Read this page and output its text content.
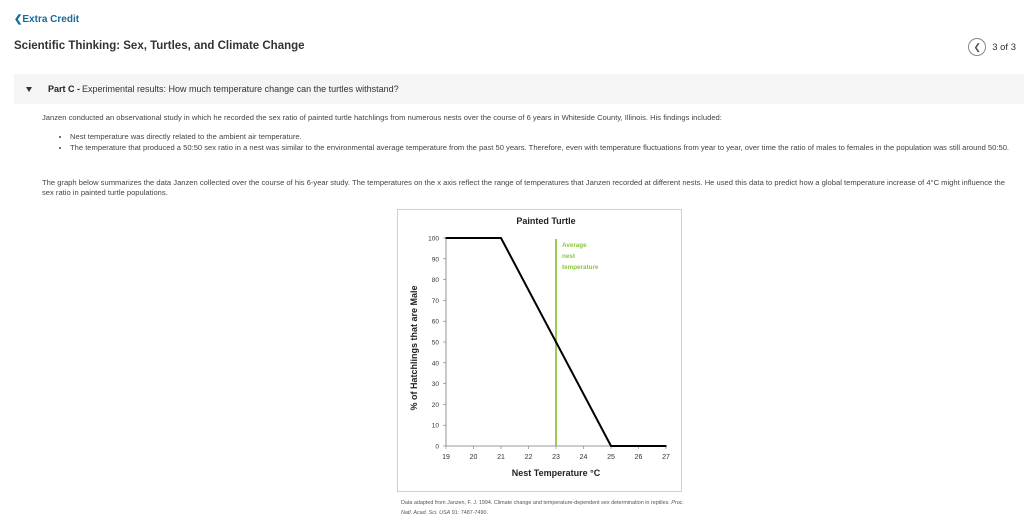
❮Extra Credit
Scientific Thinking: Sex, Turtles, and Climate Change	❮ 3 of 3
Part C - Experimental results: How much temperature change can the turtles withstand?

Janzen conducted an observational study in which he recorded the sex ratio of painted turtle hatchlings from numerous nests over the course of 6 years in Whiteside County, Illinois. His findings included:

• Nest temperature was directly related to the ambient air temperature.
• The temperature that produced a 50:50 sex ratio in a nest was similar to the environmental average temperature from the past 50 years. Therefore, even with temperature fluctuations from year to year, over time the ratio of males to females in the population was still around 50:50.

The graph below summarizes the data Janzen collected over the course of his 6-year study. The temperatures on the x axis reflect the range of temperatures that Janzen recorded at different nests. He used this data to predict how a global temperature increase of 4°C might influence the sex ratio in painted turtle populations.

Painted Turtle
0
10
20
30
40
50
60
70
80
90
100
19	20	21	22	23	24	25	26	27
Nest Temperature °C
% of Hatchlings that are Male
Average
nest
temperature

Data adapted from Janzen, F. J. 1994. Climate change and temperature-dependent sex determination in reptiles. Proc. Natl. Acad. Sci. USA 91: 7487-7490.
